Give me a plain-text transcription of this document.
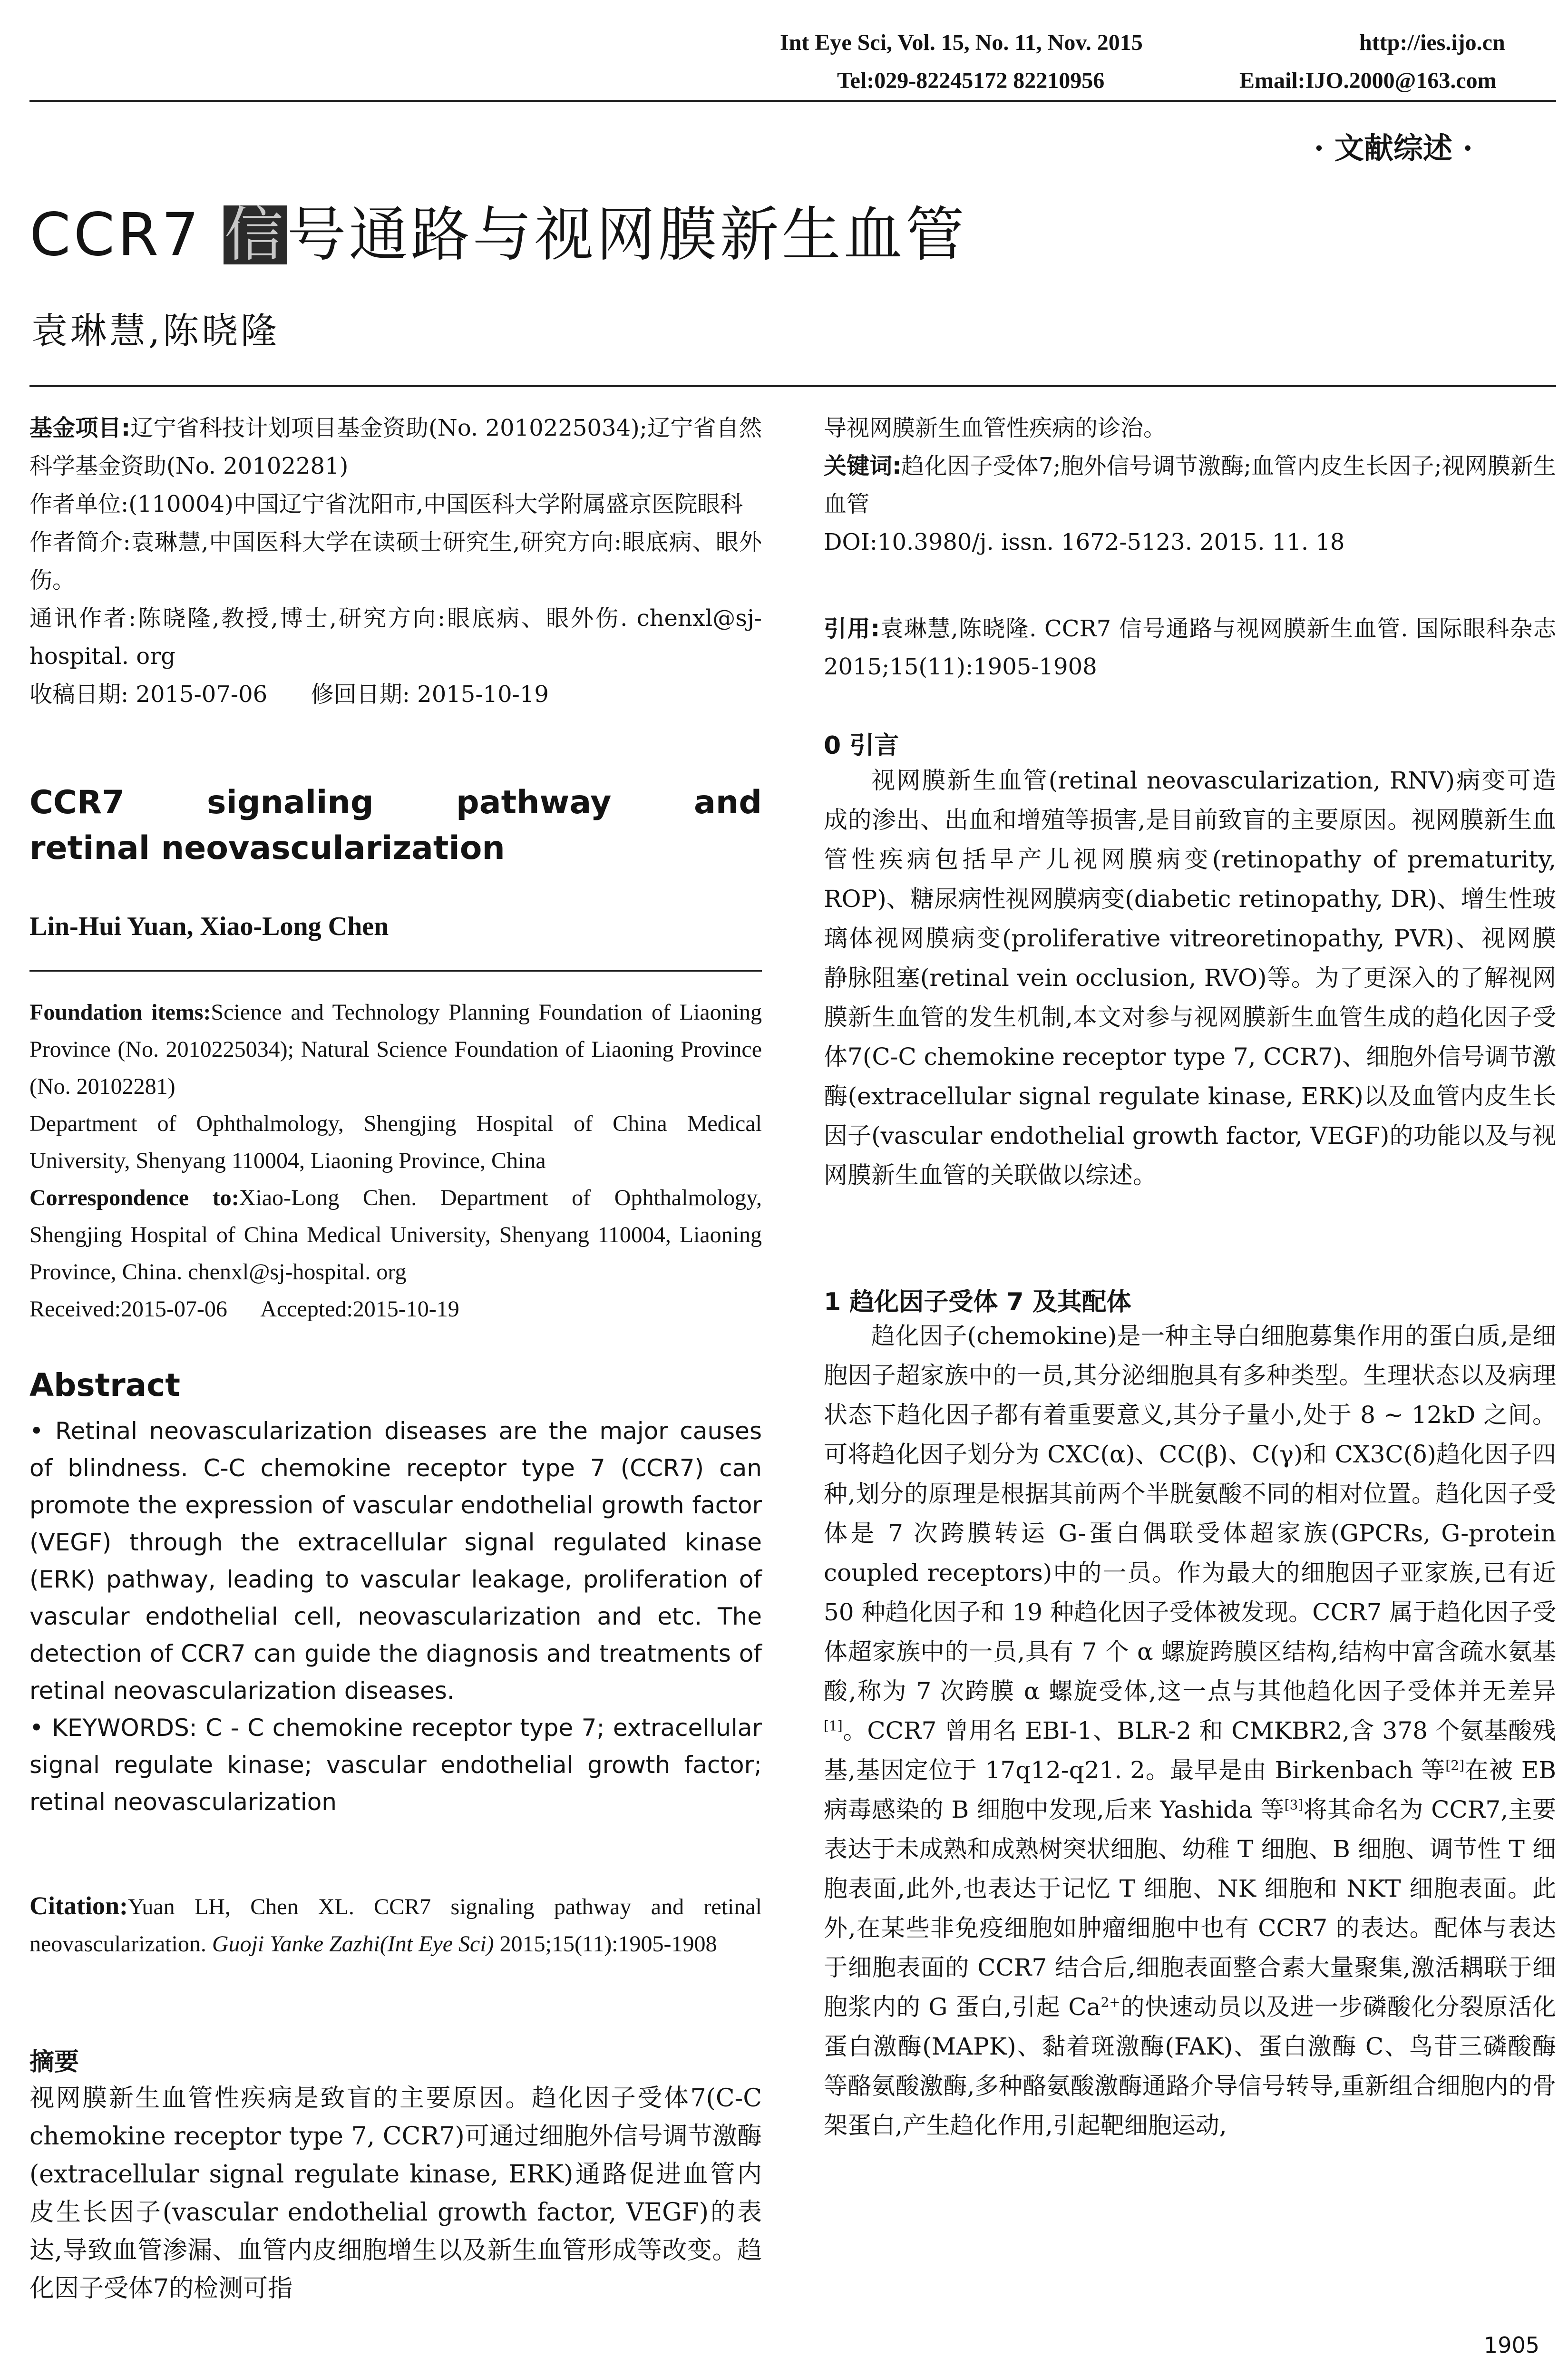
Int Eye Sci, Vol. 15, No. 11, Nov. 2015	http://ies.ijo.cn
Tel:029-82245172 82210956	Email:IJO.2000@163.com
· 文献综述 ·
CCR7 信号通路与视网膜新生血管
袁琳慧,陈晓隆

基金项目:辽宁省科技计划项目基金资助(No. 2010225034);辽宁省自然科学基金资助(No. 20102281)

作者单位:(110004)中国辽宁省沈阳市,中国医科大学附属盛京医院眼科

作者简介:袁琳慧,中国医科大学在读硕士研究生,研究方向:眼底病、眼外伤。

通讯作者:陈晓隆,教授,博士,研究方向:眼底病、眼外伤. chenxl@sj-hospital. org

收稿日期: 2015-07-06      修回日期: 2015-10-19

CCR7 signaling pathway and
retinal neovascularization
Lin-Hui Yuan, Xiao-Long Chen

Foundation items:Science and Technology Planning Foundation of Liaoning Province (No. 2010225034); Natural Science Foundation of Liaoning Province (No. 20102281)

Department of Ophthalmology, Shengjing Hospital of China Medical University, Shenyang 110004, Liaoning Province, China

Correspondence to:Xiao-Long Chen. Department of Ophthalmology, Shengjing Hospital of China Medical University, Shenyang 110004, Liaoning Province, China. chenxl@sj-hospital. org

Received:2015-07-06      Accepted:2015-10-19

Abstract

• Retinal neovascularization diseases are the major causes of blindness. C-C chemokine receptor type 7 (CCR7) can promote the expression of vascular endothelial growth factor (VEGF) through the extracellular signal regulated kinase (ERK) pathway, leading to vascular leakage, proliferation of vascular endothelial cell, neovascularization and etc. The detection of CCR7 can guide the diagnosis and treatments of retinal neovascularization diseases.

• KEYWORDS: C - C chemokine receptor type 7; extracellular signal regulate kinase; vascular endothelial growth factor; retinal neovascularization

Citation:Yuan LH, Chen XL. CCR7 signaling pathway and retinal neovascularization. Guoji Yanke Zazhi(Int Eye Sci) 2015;15(11):1905-1908

摘要

视网膜新生血管性疾病是致盲的主要原因。趋化因子受体7(C-C chemokine receptor type 7, CCR7)可通过细胞外信号调节激酶(extracellular signal regulate kinase, ERK)通路促进血管内皮生长因子(vascular endothelial growth factor, VEGF)的表达,导致血管渗漏、血管内皮细胞增生以及新生血管形成等改变。趋化因子受体7的检测可指

导视网膜新生血管性疾病的诊治。

关键词:趋化因子受体7;胞外信号调节激酶;血管内皮生长因子;视网膜新生血管

DOI:10.3980/j. issn. 1672-5123. 2015. 11. 18

引用:袁琳慧,陈晓隆. CCR7 信号通路与视网膜新生血管. 国际眼科杂志 2015;15(11):1905-1908

0 引言

视网膜新生血管(retinal neovascularization, RNV)病变可造成的渗出、出血和增殖等损害,是目前致盲的主要原因。视网膜新生血管性疾病包括早产儿视网膜病变(retinopathy of prematurity, ROP)、糖尿病性视网膜病变(diabetic retinopathy, DR)、增生性玻璃体视网膜病变(proliferative vitreoretinopathy, PVR)、视网膜静脉阻塞(retinal vein occlusion, RVO)等。为了更深入的了解视网膜新生血管的发生机制,本文对参与视网膜新生血管生成的趋化因子受体7(C-C chemokine receptor type 7, CCR7)、细胞外信号调节激酶(extracellular signal regulate kinase, ERK)以及血管内皮生长因子(vascular endothelial growth factor, VEGF)的功能以及与视网膜新生血管的关联做以综述。

1 趋化因子受体 7 及其配体

趋化因子(chemokine)是一种主导白细胞募集作用的蛋白质,是细胞因子超家族中的一员,其分泌细胞具有多种类型。生理状态以及病理状态下趋化因子都有着重要意义,其分子量小,处于 8 ~ 12kD 之间。可将趋化因子划分为 CXC(α)、CC(β)、C(γ)和 CX3C(δ)趋化因子四种,划分的原理是根据其前两个半胱氨酸不同的相对位置。趋化因子受体是 7 次跨膜转运 G-蛋白偶联受体超家族(GPCRs, G-protein coupled receptors)中的一员。作为最大的细胞因子亚家族,已有近 50 种趋化因子和 19 种趋化因子受体被发现。CCR7 属于趋化因子受体超家族中的一员,具有 7 个 α 螺旋跨膜区结构,结构中富含疏水氨基酸,称为 7 次跨膜 α 螺旋受体,这一点与其他趋化因子受体并无差异[1]。CCR7 曾用名 EBI-1、BLR-2 和 CMKBR2,含 378 个氨基酸残基,基因定位于 17q12-q21. 2。最早是由 Birkenbach 等[2]在被 EB 病毒感染的 B 细胞中发现,后来 Yashida 等[3]将其命名为 CCR7,主要表达于未成熟和成熟树突状细胞、幼稚 T 细胞、B 细胞、调节性 T 细胞表面,此外,也表达于记忆 T 细胞、NK 细胞和 NKT 细胞表面。此外,在某些非免疫细胞如肿瘤细胞中也有 CCR7 的表达。配体与表达于细胞表面的 CCR7 结合后,细胞表面整合素大量聚集,激活耦联于细胞浆内的 G 蛋白,引起 $Ca^{2+}$的快速动员以及进一步磷酸化分裂原活化蛋白激酶(MAPK)、黏着斑激酶(FAK)、蛋白激酶 C、鸟苷三磷酸酶等酪氨酸激酶,多种酪氨酸激酶通路介导信号转导,重新组合细胞内的骨架蛋白,产生趋化作用,引起靶细胞运动,

1905
